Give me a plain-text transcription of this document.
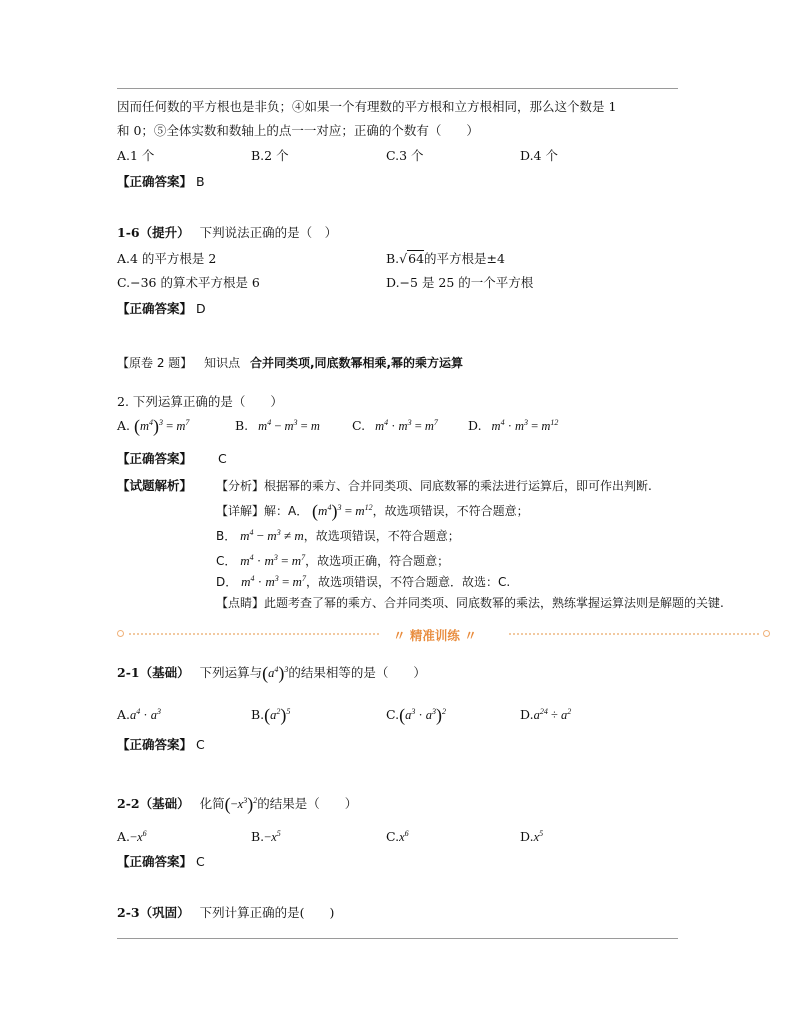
因而任何数的平方根也是非负；④如果一个有理数的平方根和立方根相同，那么这个数是 1
和 0；⑤全体实数和数轴上的点一一对应；正确的个数有（　　）
A.1 个	B.2 个	C.3 个	D.4 个
【正确答案】 B
1-6（提升） 下判说法正确的是（　）
A.4 的平方根是 2	B.√64的平方根是±4
C.−36 的算术平方根是 6	D.−5 是 25 的一个平方根
【正确答案】 D
【原卷 2 题】 知识点 合并同类项,同底数幂相乘,幂的乘方运算
2. 下列运算正确的是（　　）
A. $(m^4)^3 = m^7$	B. $m^4 - m^3 = m$	C. $m^4 \cdot m^3 = m^7$ D. $m^4 \cdot m^3 = m^{12}$
【正确答案】 C
【试题解析】 【分析】根据幂的乘方、合并同类项、同底数幂的乘法进行运算后，即可作出判断.
【详解】解：A． $(m^4)^3 = m^{12}$，故选项错误，不符合题意；
B． $m^4 - m^3 \ne m$，故选项错误，不符合题意；
C． $m^4 \cdot m^3 = m^7$，故选项正确，符合题意；
D． $m^4 \cdot m^3 = m^7$，故选项错误，不符合题意．故选：C.
【点睛】此题考查了幂的乘方、合并同类项、同底数幂的乘法，熟练掌握运算法则是解题的关键.
〃 精准训练 〃
2-1（基础） 下列运算与$(a^4)^3$的结果相等的是（　　）
$A.a^4 \cdot a^3$	$B.(a^2)^5$	$C.(a^3 \cdot a^3)^2$	$D.a^{24} \div a^2$
【正确答案】 C
2-2（基础） 化简$(-x^3)^2$的结果是（　　）
$A.-x^6$	$B.-x^5$	$C.x^6$	$D.x^5$
【正确答案】 C
2-3（巩固） 下列计算正确的是(　　)
